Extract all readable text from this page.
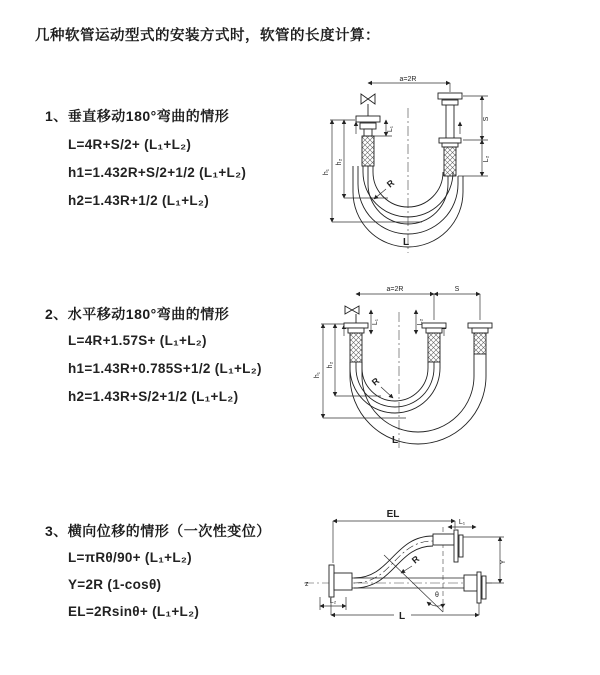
几种软管运动型式的安装方式时，软管的长度计算：
1、垂直移动180°弯曲的情形
L=4R+S/2+ (L₁+L₂)
h1=1.432R+S/2+1/2 (L₁+L₂)
h2=1.43R+1/2 (L₁+L₂)
2、水平移动180°弯曲的情形
L=4R+1.57S+ (L₁+L₂)
h1=1.43R+0.785S+1/2 (L₁+L₂)
h2=1.43R+S/2+1/2 (L₁+L₂)
3、横向位移的情形（一次性变位）
L=πRθ/90+ (L₁+L₂)
Y=2R (1-cosθ)
EL=2Rsinθ+ (L₁+L₂)
a=2R
h₁
h₂
L₁
S
L₂
R
L
a=2R	S
h₁
h₂
L₁	L₂
R
L
EL
L₁
Y
L
L₂
R
θ
z
